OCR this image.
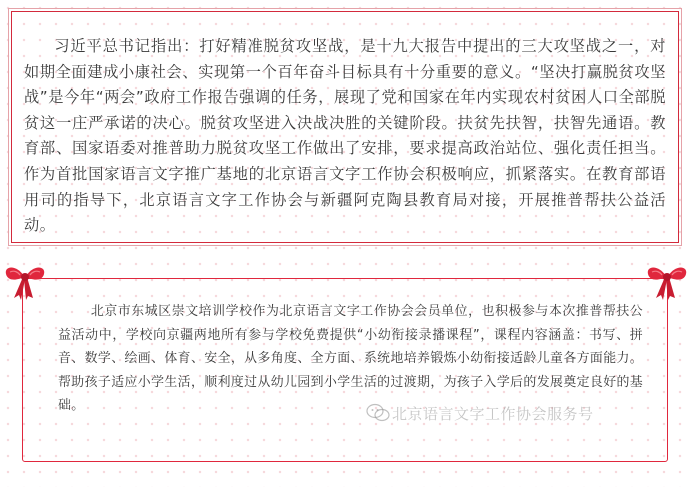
习近平总书记指出：打好精准脱贫攻坚战，是十九大报告中提出的三大攻坚战之一，对如期全面建成小康社会、实现第一个百年奋斗目标具有十分重要的意义。“坚决打赢脱贫攻坚战”是今年“两会”政府工作报告强调的任务，展现了党和国家在年内实现农村贫困人口全部脱贫这一庄严承诺的决心。脱贫攻坚进入决战决胜的关键阶段。扶贫先扶智，扶智先通语。教育部、国家语委对推普助力脱贫攻坚工作做出了安排，要求提高政治站位、强化责任担当。作为首批国家语言文字推广基地的北京语言文字工作协会积极响应，抓紧落实。在教育部语用司的指导下，北京语言文字工作协会与新疆阿克陶县教育局对接，开展推普帮扶公益活动。

北京市东城区崇文培训学校作为北京语言文字工作协会会员单位，也积极参与本次推普帮扶公益活动中，学校向京疆两地所有参与学校免费提供“小幼衔接录播课程”，课程内容涵盖：书写、拼音、数学、绘画、体育、安全，从多角度、全方面、系统地培养锻炼小幼衔接适龄儿童各方面能力。帮助孩子适应小学生活，顺利度过从幼儿园到小学生活的过渡期，为孩子入学后的发展奠定良好的基础。	北京语言文字工作协会服务号
